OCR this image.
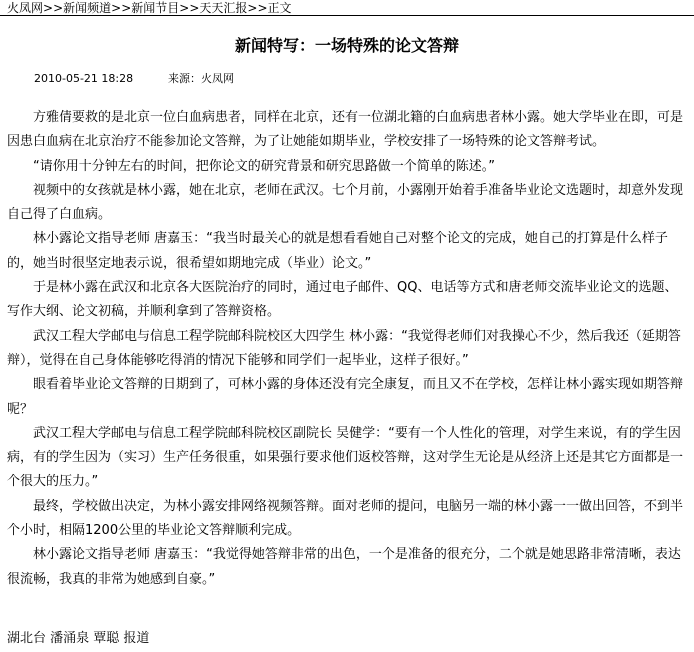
火凤网>>新闻频道>>新闻节目>>天天汇报>>正文
新闻特写：一场特殊的论文答辩
2010-05-21 18:28	来源：火凤网

方雅倩要救的是北京一位白血病患者，同样在北京，还有一位湖北籍的白血病患者林小露。她大学毕业在即，可是因患白血病在北京治疗不能参加论文答辩，为了让她能如期毕业，学校安排了一场特殊的论文答辩考试。

“请你用十分钟左右的时间，把你论文的研究背景和研究思路做一个简单的陈述。”

视频中的女孩就是林小露，她在北京，老师在武汉。七个月前，小露刚开始着手准备毕业论文选题时，却意外发现自己得了白血病。

林小露论文指导老师 唐嘉玉：“我当时最关心的就是想看看她自己对整个论文的完成，她自己的打算是什么样子的，她当时很坚定地表示说，很希望如期地完成（毕业）论文。”

于是林小露在武汉和北京各大医院治疗的同时，通过电子邮件、QQ、电话等方式和唐老师交流毕业论文的选题、写作大纲、论文初稿，并顺利拿到了答辩资格。

武汉工程大学邮电与信息工程学院邮科院校区大四学生 林小露：“我觉得老师们对我操心不少，然后我还（延期答辩），觉得在自己身体能够吃得消的情况下能够和同学们一起毕业，这样子很好。”

眼看着毕业论文答辩的日期到了，可林小露的身体还没有完全康复，而且又不在学校，怎样让林小露实现如期答辩呢？

武汉工程大学邮电与信息工程学院邮科院校区副院长 吴健学：“要有一个人性化的管理，对学生来说，有的学生因病，有的学生因为（实习）生产任务很重，如果强行要求他们返校答辩，这对学生无论是从经济上还是其它方面都是一个很大的压力。”

最终，学校做出决定，为林小露安排网络视频答辩。面对老师的提问，电脑另一端的林小露一一做出回答，不到半个小时，相隔1200公里的毕业论文答辩顺利完成。

林小露论文指导老师 唐嘉玉：“我觉得她答辩非常的出色，一个是准备的很充分，二个就是她思路非常清晰，表达很流畅，我真的非常为她感到自豪。”

湖北台 潘涌泉 覃聪 报道
